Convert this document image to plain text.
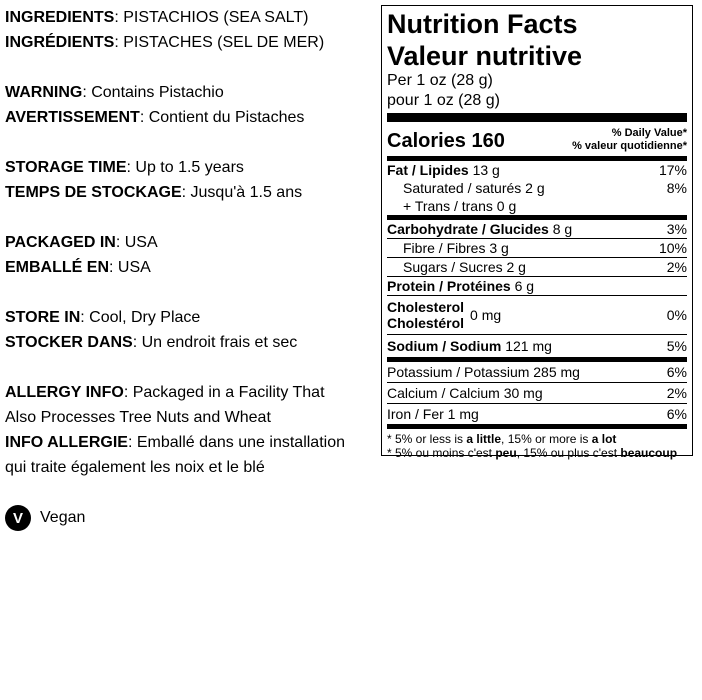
INGREDIENTS: PISTACHIOS (SEA SALT)

INGRÉDIENTS: PISTACHES (SEL DE MER)

WARNING: Contains Pistachio

AVERTISSEMENT: Contient du Pistaches

STORAGE TIME: Up to 1.5 years

TEMPS DE STOCKAGE: Jusqu'à 1.5 ans

PACKAGED IN: USA

EMBALLÉ EN: USA

STORE IN: Cool, Dry Place

STOCKER DANS: Un endroit frais et sec

ALLERGY INFO: Packaged in a Facility That

Also Processes Tree Nuts and Wheat

INFO ALLERGIE: Emballé dans une installation

qui traite également les noix et le blé

V	Vegan
Nutrition Facts
Valeur nutritive
Per 1 oz (28 g)
pour 1 oz (28 g)
Calories 160	% Daily Value*
% valeur quotidienne*
Fat / Lipides 13 g	17%
Saturated / saturés 2 g	8%
+ Trans / trans 0 g
Carbohydrate / Glucides 8 g	3%
Fibre / Fibres 3 g	10%
Sugars / Sucres 2 g	2%
Protein / Protéines 6 g
Cholesterol
Cholestérol 0 mg	0%
Sodium / Sodium 121 mg	5%
Potassium / Potassium 285 mg	6%
Calcium / Calcium 30 mg	2%
Iron / Fer 1 mg	6%
* 5% or less is a little, 15% or more is a lot
* 5% ou moins c'est peu, 15% ou plus c'est beaucoup
